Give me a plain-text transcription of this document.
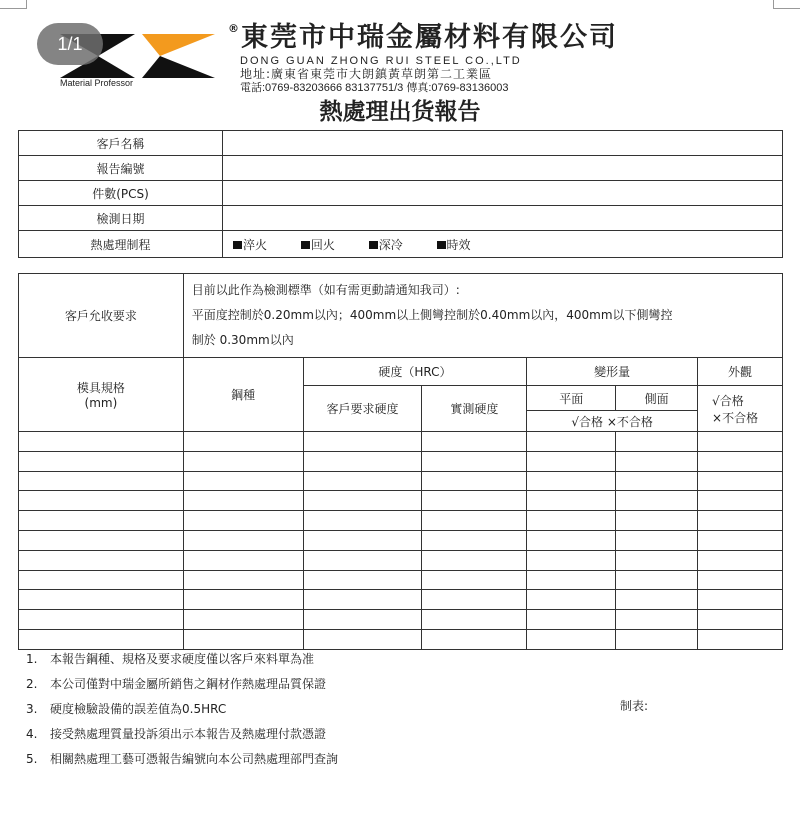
1/1
Material Professor
®東莞市中瑞金屬材料有限公司
DONG GUAN ZHONG RUI STEEL CO.,LTD
地址:廣東省東莞市大朗鎮黃草朗第二工業區
電話:0769-83203666 83137751/3 傳真:0769-83136003
熱處理出货報告
客戶名稱	
報告編號	
件數(PCS)	
檢測日期	
熱處理制程	淬火 回火 深冷 時效
客戶允收要求	目前以此作為檢測標準（如有需更動請通知我司）:
平面度控制於0.20mm以內；400mm以上側彎控制於0.40mm以內，400mm以下側彎控
制於 0.30mm以內					

模具規格
(mm)	鋼種	硬度（HRC）		變形量		外觀
		客戶要求硬度	實測硬度	平面	側面	√合格
×不合格

				√合格 ×不合格		

1. 本報告鋼種、規格及要求硬度僅以客戶來料單為准
2. 本公司僅對中瑞金屬所銷售之鋼材作熱處理品質保證
3. 硬度檢驗設備的誤差值為0.5HRC
4. 接受熱處理質量投訴須出示本報告及熱處理付款憑證
5. 相關熱處理工藝可憑報告編號向本公司熱處理部門查詢
制表:
